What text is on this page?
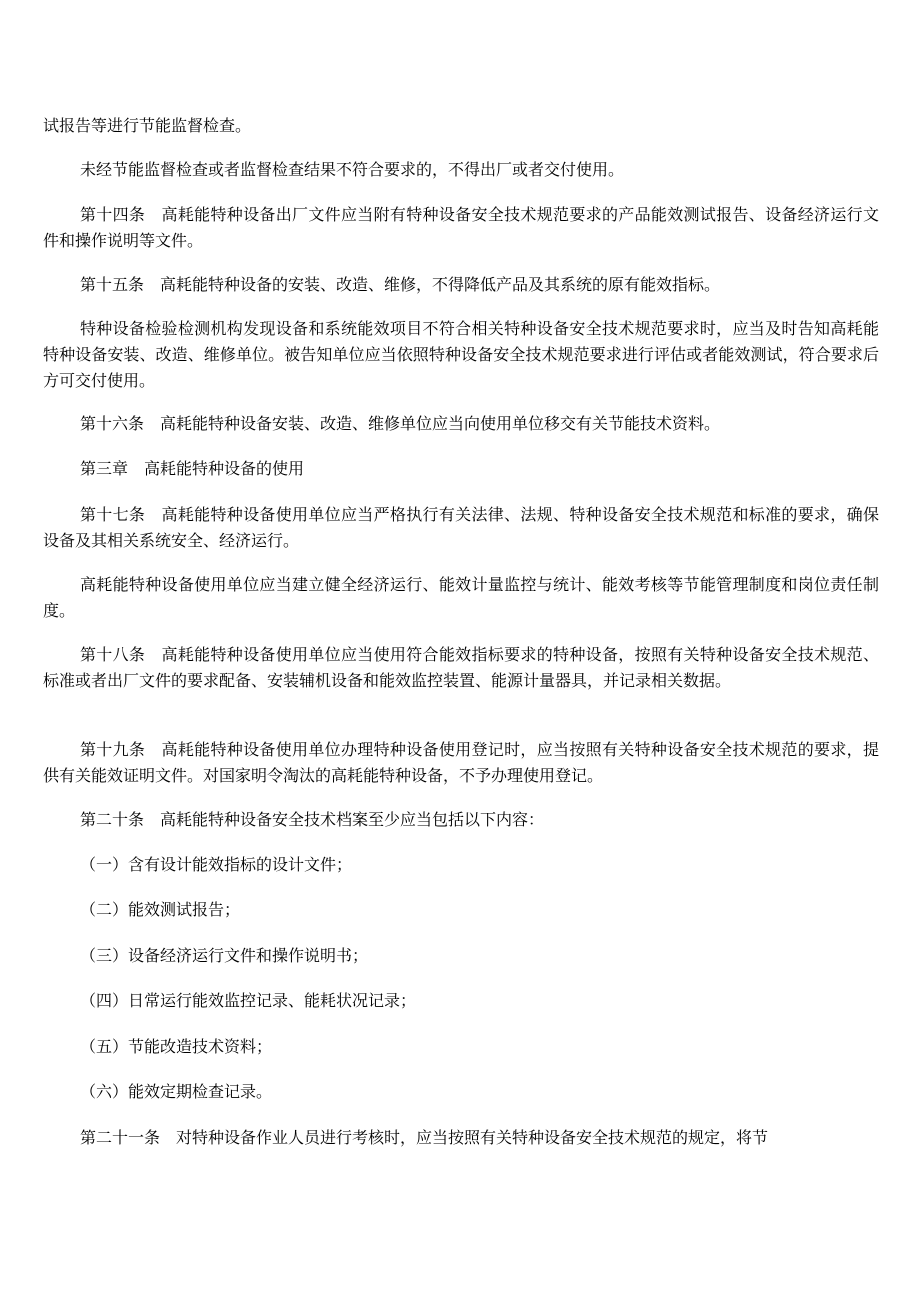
试报告等进行节能监督检查。

未经节能监督检查或者监督检查结果不符合要求的，不得出厂或者交付使用。

第十四条　高耗能特种设备出厂文件应当附有特种设备安全技术规范要求的产品能效测试报告、设备经济运行文件和操作说明等文件。

第十五条　高耗能特种设备的安装、改造、维修，不得降低产品及其系统的原有能效指标。

特种设备检验检测机构发现设备和系统能效项目不符合相关特种设备安全技术规范要求时，应当及时告知高耗能特种设备安装、改造、维修单位。被告知单位应当依照特种设备安全技术规范要求进行评估或者能效测试，符合要求后方可交付使用。

第十六条　高耗能特种设备安装、改造、维修单位应当向使用单位移交有关节能技术资料。

第三章　高耗能特种设备的使用

第十七条　高耗能特种设备使用单位应当严格执行有关法律、法规、特种设备安全技术规范和标准的要求，确保设备及其相关系统安全、经济运行。

高耗能特种设备使用单位应当建立健全经济运行、能效计量监控与统计、能效考核等节能管理制度和岗位责任制度。

第十八条　高耗能特种设备使用单位应当使用符合能效指标要求的特种设备，按照有关特种设备安全技术规范、标准或者出厂文件的要求配备、安装辅机设备和能效监控装置、能源计量器具，并记录相关数据。

第十九条　高耗能特种设备使用单位办理特种设备使用登记时，应当按照有关特种设备安全技术规范的要求，提供有关能效证明文件。对国家明令淘汰的高耗能特种设备，不予办理使用登记。

第二十条　高耗能特种设备安全技术档案至少应当包括以下内容：

（一）含有设计能效指标的设计文件；

（二）能效测试报告；

（三）设备经济运行文件和操作说明书；

（四）日常运行能效监控记录、能耗状况记录；

（五）节能改造技术资料；

（六）能效定期检查记录。

第二十一条　对特种设备作业人员进行考核时，应当按照有关特种设备安全技术规范的规定，将节
